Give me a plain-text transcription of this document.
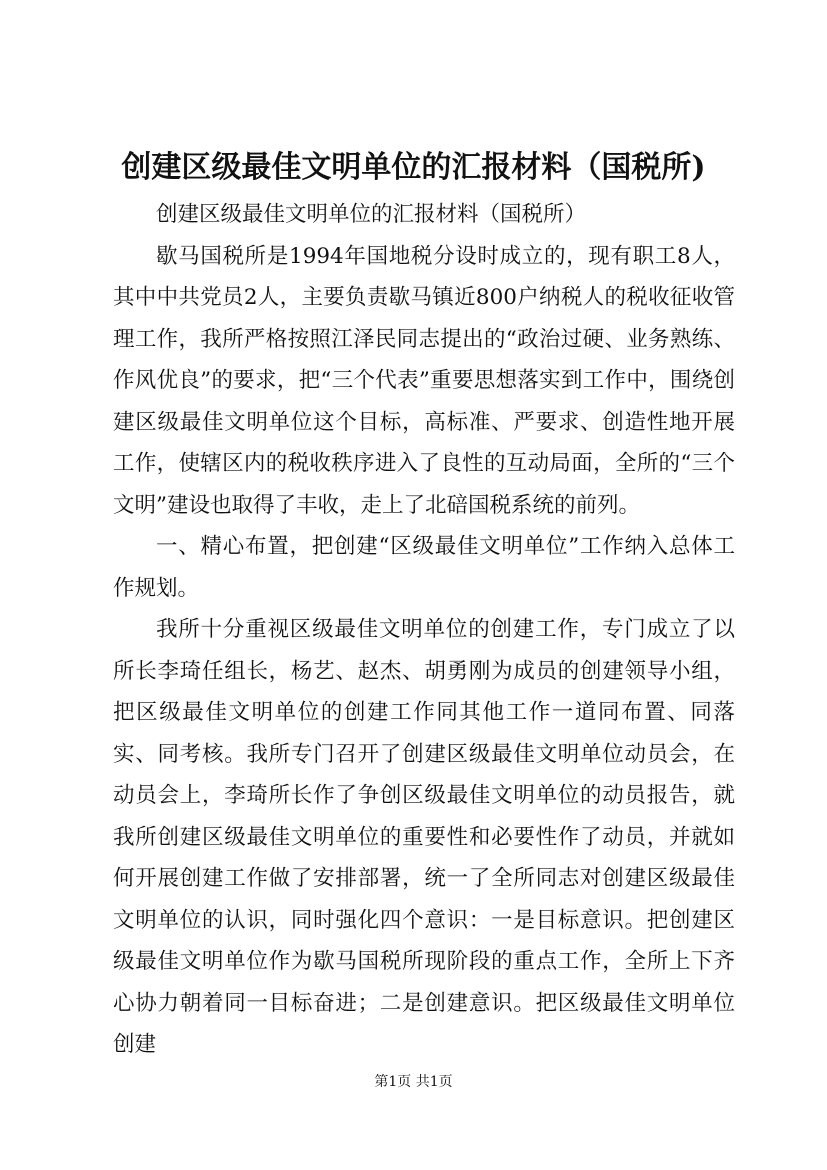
创建区级最佳文明单位的汇报材料（国税所)

创建区级最佳文明单位的汇报材料（国税所）

歇马国税所是1994年国地税分设时成立的，现有职工8人，其中中共党员2人，主要负责歇马镇近800户纳税人的税收征收管理工作，我所严格按照江泽民同志提出的“政治过硬、业务熟练、作风优良”的要求，把“三个代表”重要思想落实到工作中，围绕创建区级最佳文明单位这个目标，高标准、严要求、创造性地开展工作，使辖区内的税收秩序进入了良性的互动局面，全所的“三个文明”建设也取得了丰收，走上了北碚国税系统的前列。

一、精心布置，把创建“区级最佳文明单位”工作纳入总体工作规划。

我所十分重视区级最佳文明单位的创建工作，专门成立了以所长李琦任组长，杨艺、赵杰、胡勇刚为成员的创建领导小组，把区级最佳文明单位的创建工作同其他工作一道同布置、同落实、同考核。我所专门召开了创建区级最佳文明单位动员会，在动员会上，李琦所长作了争创区级最佳文明单位的动员报告，就我所创建区级最佳文明单位的重要性和必要性作了动员，并就如何开展创建工作做了安排部署，统一了全所同志对创建区级最佳文明单位的认识，同时强化四个意识：一是目标意识。把创建区级最佳文明单位作为歇马国税所现阶段的重点工作，全所上下齐心协力朝着同一目标奋进；二是创建意识。把区级最佳文明单位创建

第1页 共1页
